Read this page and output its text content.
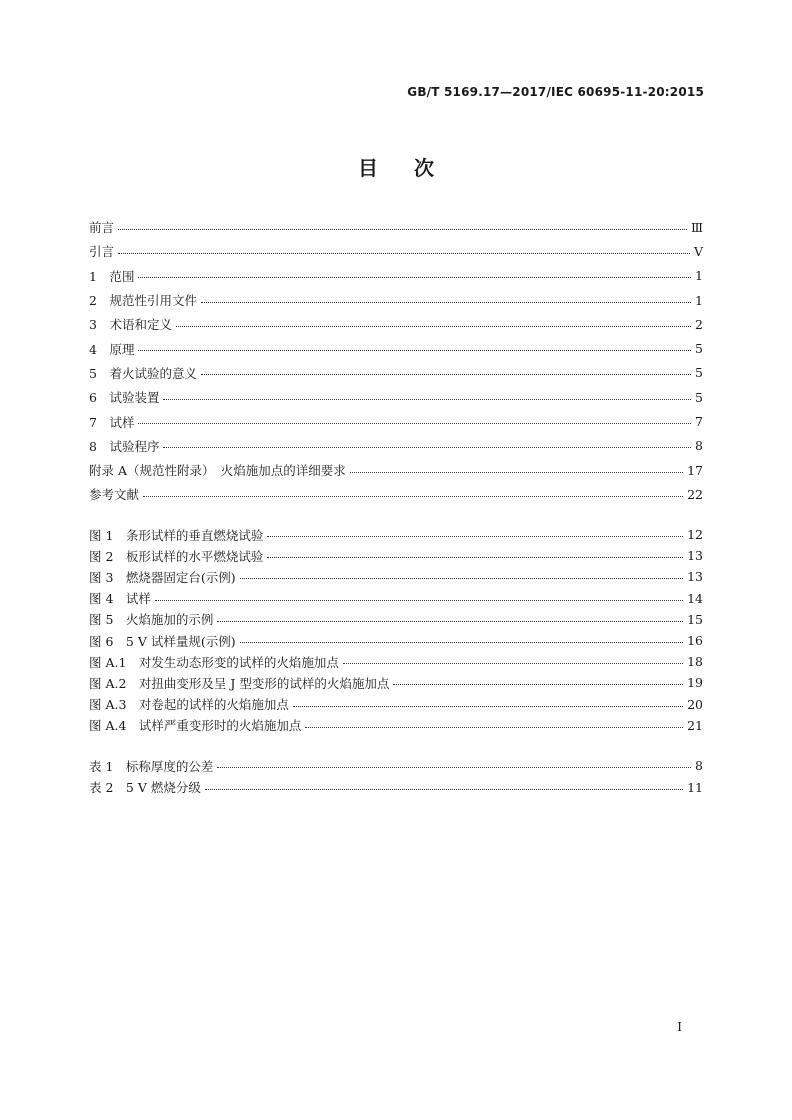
GB/T 5169.17—2017/IEC 60695-11-20:2015
目次
前言	Ⅲ
引言	Ⅴ
1　范围	1
2　规范性引用文件	1
3　术语和定义	2
4　原理	5
5　着火试验的意义	5
6　试验装置	5
7　试样	7
8　试验程序	8
附录 A（规范性附录）　火焰施加点的详细要求	17
参考文献	22
图 1　条形试样的垂直燃烧试验	12
图 2　板形试样的水平燃烧试验	13
图 3　燃烧器固定台(示例)	13
图 4　试样	14
图 5　火焰施加的示例	15
图 6　5 V 试样量规(示例)	16
图 A.1　对发生动态形变的试样的火焰施加点	18
图 A.2　对扭曲变形及呈 J 型变形的试样的火焰施加点	19
图 A.3　对卷起的试样的火焰施加点	20
图 A.4　试样严重变形时的火焰施加点	21
表 1　标称厚度的公差	8
表 2　5 V 燃烧分级	11
Ⅰ
